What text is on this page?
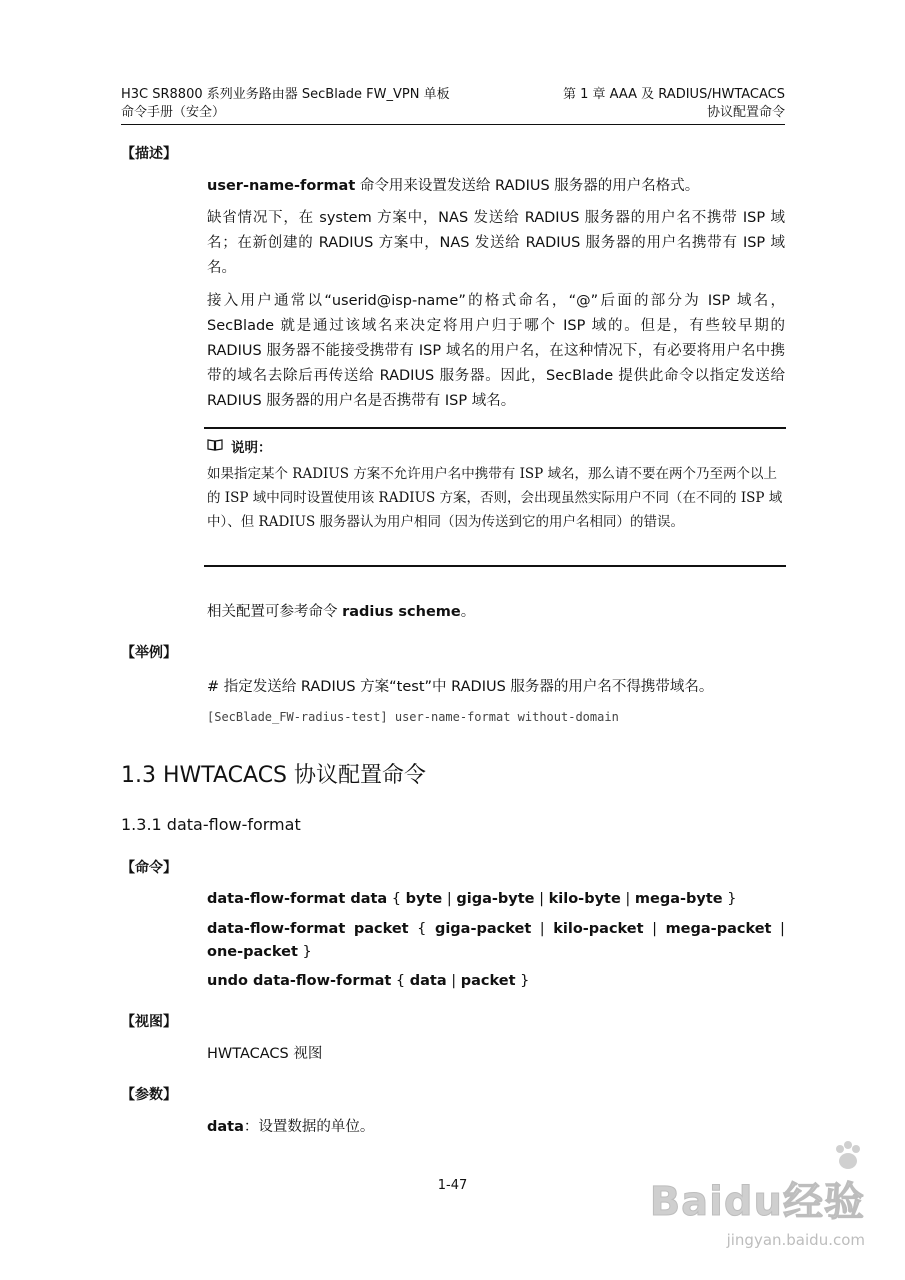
H3C SR8800 系列业务路由器 SecBlade FW_VPN 单板
命令手册（安全）
第 1 章 AAA 及 RADIUS/HWTACACS
协议配置命令
【描述】
user-name-format 命令用来设置发送给 RADIUS 服务器的用户名格式。
缺省情况下，在 system 方案中，NAS 发送给 RADIUS 服务器的用户名不携带 ISP 域名；在新创建的 RADIUS 方案中，NAS 发送给 RADIUS 服务器的用户名携带有 ISP 域名。
接入用户通常以“userid@isp-name”的格式命名，“@”后面的部分为 ISP 域名，SecBlade 就是通过该域名来决定将用户归于哪个 ISP 域的。但是，有些较早期的 RADIUS 服务器不能接受携带有 ISP 域名的用户名，在这种情况下，有必要将用户名中携带的域名去除后再传送给 RADIUS 服务器。因此，SecBlade 提供此命令以指定发送给 RADIUS 服务器的用户名是否携带有 ISP 域名。
说明：
如果指定某个 RADIUS 方案不允许用户名中携带有 ISP 域名，那么请不要在两个乃至两个以上的 ISP 域中同时设置使用该 RADIUS 方案，否则，会出现虽然实际用户不同（在不同的 ISP 域中）、但 RADIUS 服务器认为用户相同（因为传送到它的用户名相同）的错误。
相关配置可参考命令 radius scheme。
【举例】
# 指定发送给 RADIUS 方案“test”中 RADIUS 服务器的用户名不得携带域名。
[SecBlade_FW-radius-test] user-name-format without-domain
1.3 HWTACACS 协议配置命令
1.3.1 data-flow-format
【命令】
data-flow-format data { byte | giga-byte | kilo-byte | mega-byte }
data-flow-format packet { giga-packet | kilo-packet | mega-packet |
one-packet }
undo data-flow-format { data | packet }
【视图】
HWTACACS 视图
【参数】
data：设置数据的单位。
1-47	Baidu经验
jingyan.baidu.com
